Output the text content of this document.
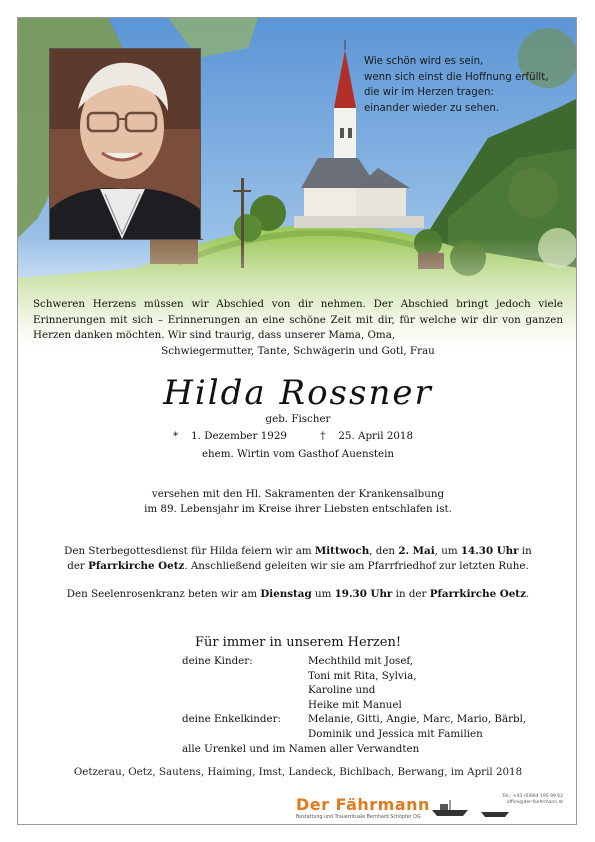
Wie schön wird es sein,
wenn sich einst die Hoffnung erfüllt,
die wir im Herzen tragen:
einander wieder zu sehen.
Schweren Herzens müssen wir Abschied von dir nehmen. Der Abschied bringt jedoch viele Erinnerungen mit sich – Erinnerungen an eine schöne Zeit mit dir, für welche wir dir von ganzen Herzen danken möchten. Wir sind traurig, dass unserer Mama, Oma,
Schwiegermutter, Tante, Schwägerin und Gotl, Frau
Hilda Rossner
geb. Fischer
* 1. Dezember 1929	† 25. April 2018
ehem. Wirtin vom Gasthof Auenstein
versehen mit den Hl. Sakramenten der Krankensalbung
im 89. Lebensjahr im Kreise ihrer Liebsten entschlafen ist.
Den Sterbegottesdienst für Hilda feiern wir am Mittwoch, den 2. Mai, um 14.30 Uhr in
der Pfarrkirche Oetz. Anschließend geleiten wir sie am Pfarrfriedhof zur letzten Ruhe.
Den Seelenrosenkranz beten wir am Dienstag um 19.30 Uhr in der Pfarrkirche Oetz.
Für immer in unserem Herzen!
deine Kinder:	Mechthild mit Josef,
Toni mit Rita, Sylvia,
Karoline und
Heike mit Manuel
deine Enkelkinder:	Melanie, Gitti, Angie, Marc, Mario, Bärbl,
Dominik und Jessica mit Familien
alle Urenkel und im Namen aller Verwandten
Oetzerau, Oetz, Sautens, Haiming, Imst, Landeck, Bichlbach, Berwang, im April 2018
Der Fährmann
Bestattung und Trauerrituale Bernhard Schöpfer OG
Tel.: +43 (0)664 195 99 62
office@der-faehrmann.at
